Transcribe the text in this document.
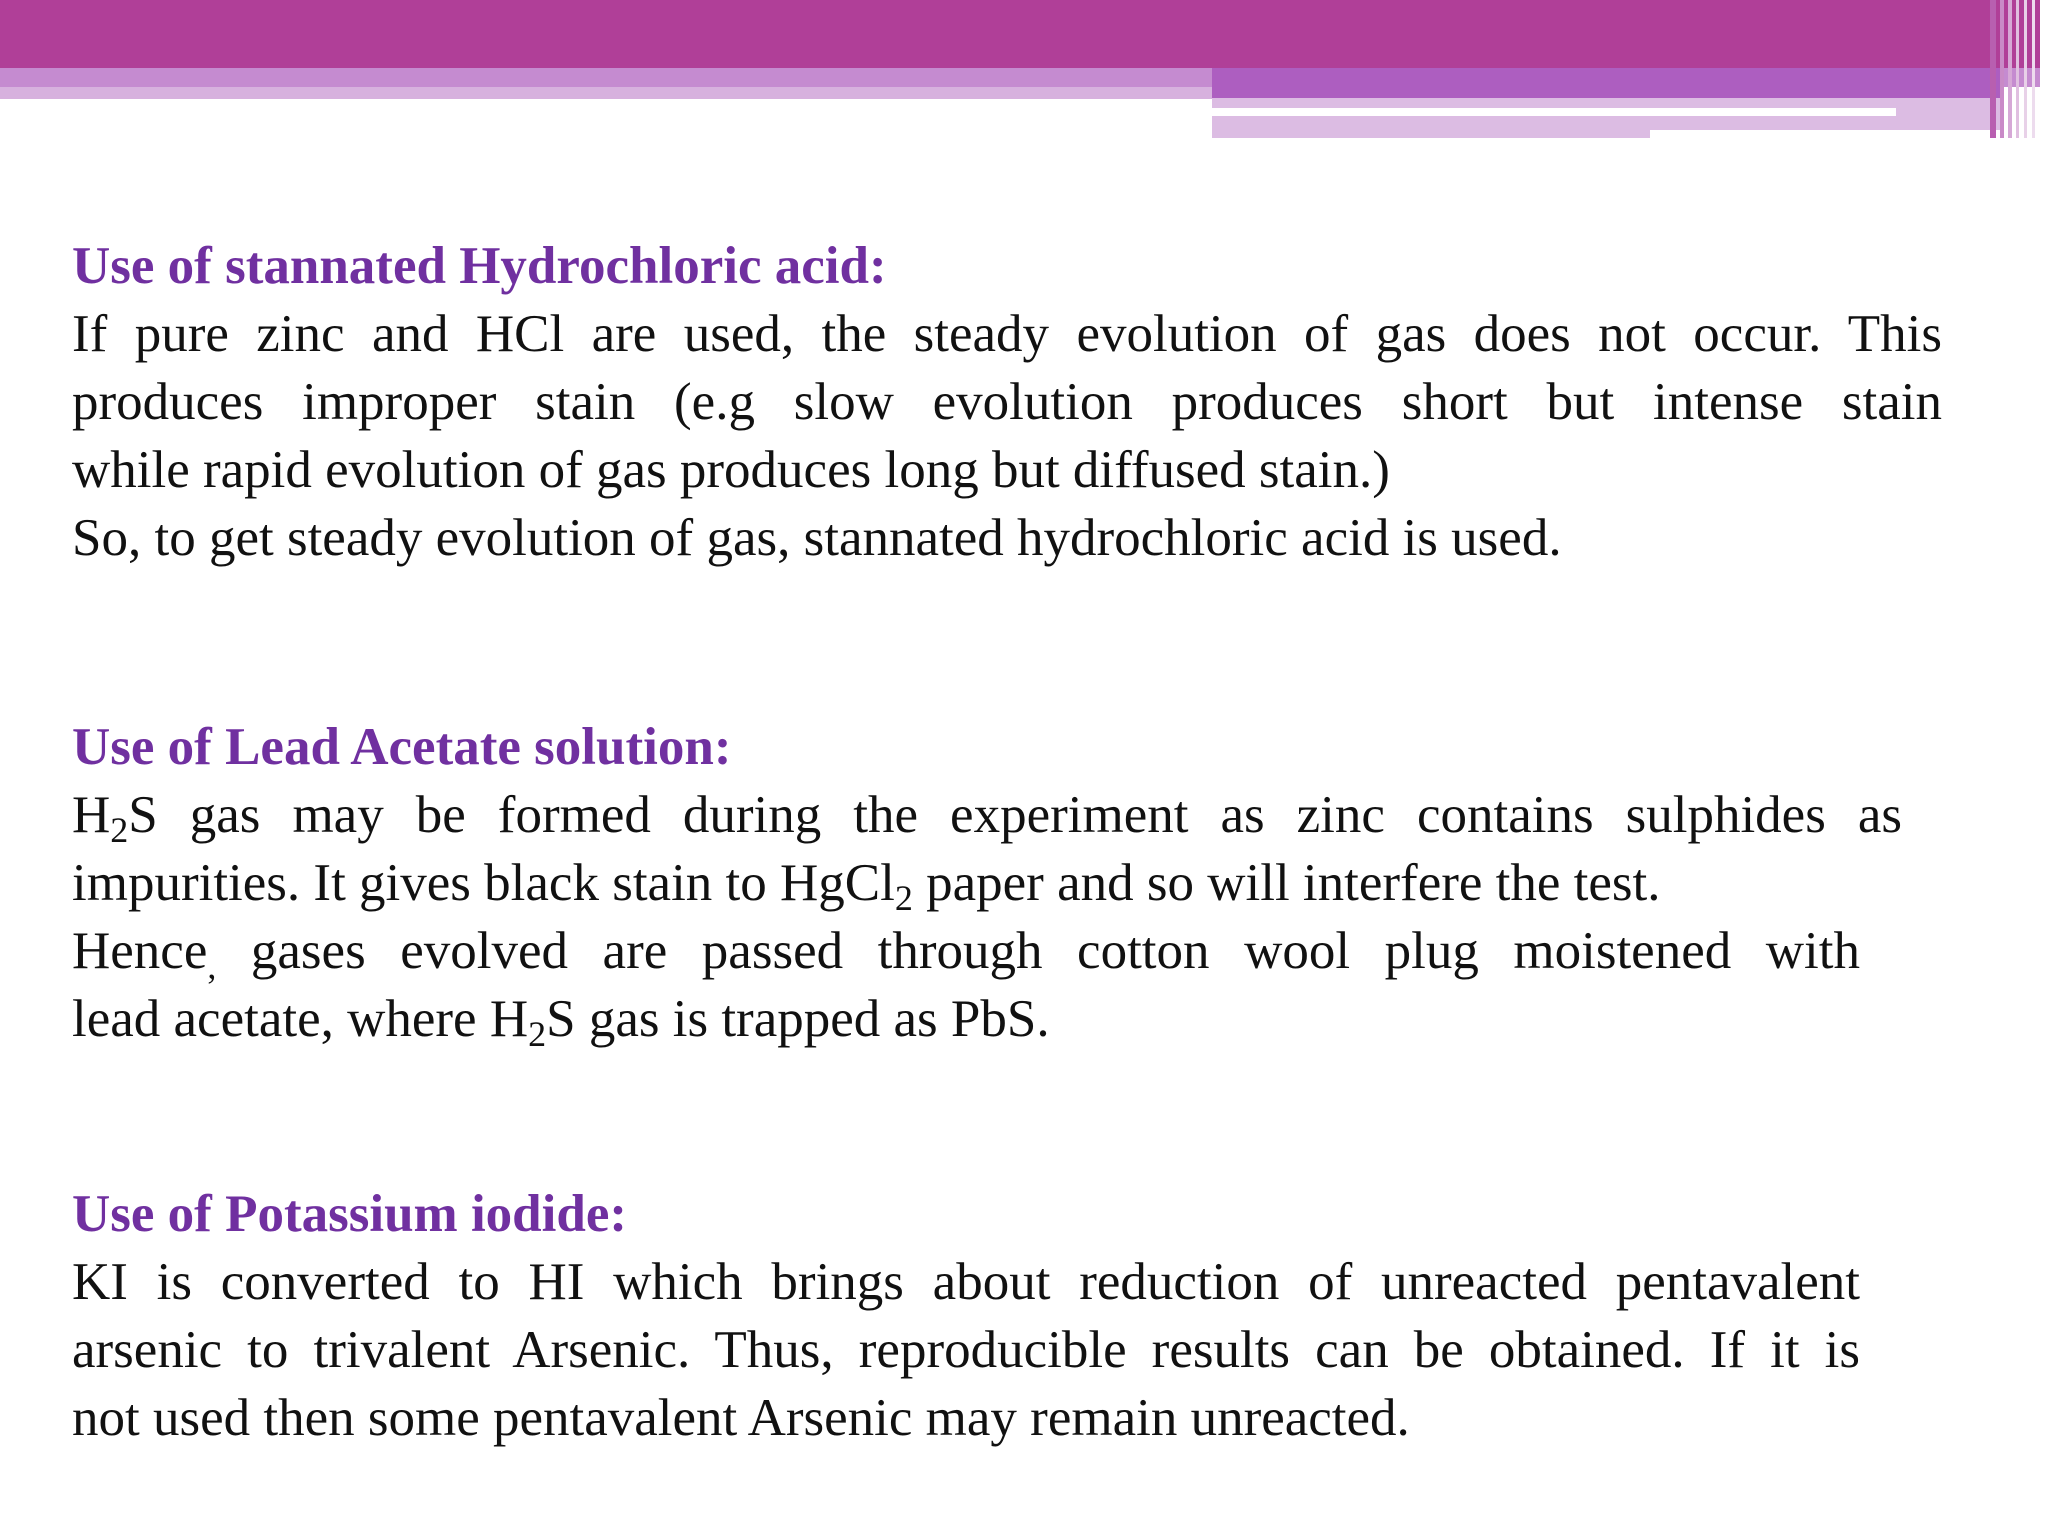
Use of stannated Hydrochloric acid:

If pure zinc and HCl are used, the steady evolution of gas does not occur. This
produces improper stain (e.g slow evolution produces short but intense stain
while rapid evolution of gas produces long but diffused stain.)
So, to get steady evolution of gas, stannated hydrochloric acid is used.

Use of Lead Acetate solution:

$H_2S$ gas may be formed during the experiment as zinc contains sulphides as
impurities. It gives black stain to HgCl$_2$ paper and so will interfere the test.
Hence$_,$ gases evolved are passed through cotton wool plug moistened with
lead acetate, where $H_2S$ gas is trapped as PbS.

Use of Potassium iodide:

KI is converted to HI which brings about reduction of unreacted pentavalent
arsenic to trivalent Arsenic. Thus, reproducible results can be obtained. If it is
not used then some pentavalent Arsenic may remain unreacted.
